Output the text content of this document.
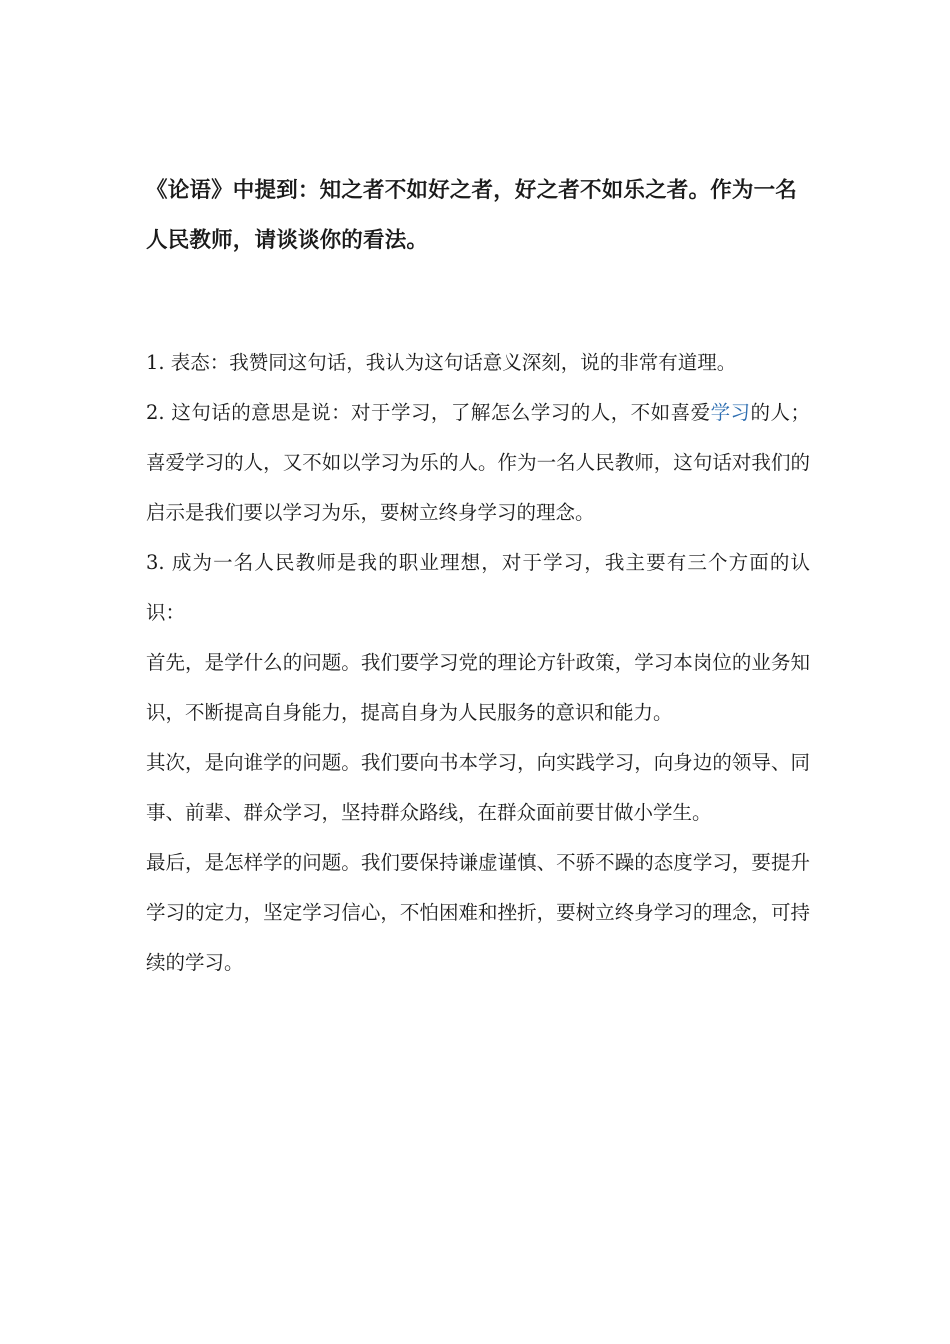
《论语》中提到：知之者不如好之者，好之者不如乐之者。作为一名人民教师，请谈谈你的看法。

1. 表态：我赞同这句话，我认为这句话意义深刻，说的非常有道理。

2. 这句话的意思是说：对于学习，了解怎么学习的人，不如喜爱学习的人；喜爱学习的人，又不如以学习为乐的人。作为一名人民教师，这句话对我们的启示是我们要以学习为乐，要树立终身学习的理念。

3. 成为一名人民教师是我的职业理想，对于学习，我主要有三个方面的认识：

首先，是学什么的问题。我们要学习党的理论方针政策，学习本岗位的业务知识，不断提高自身能力，提高自身为人民服务的意识和能力。

其次，是向谁学的问题。我们要向书本学习，向实践学习，向身边的领导、同事、前辈、群众学习，坚持群众路线，在群众面前要甘做小学生。

最后，是怎样学的问题。我们要保持谦虚谨慎、不骄不躁的态度学习，要提升学习的定力，坚定学习信心，不怕困难和挫折，要树立终身学习的理念，可持续的学习。
